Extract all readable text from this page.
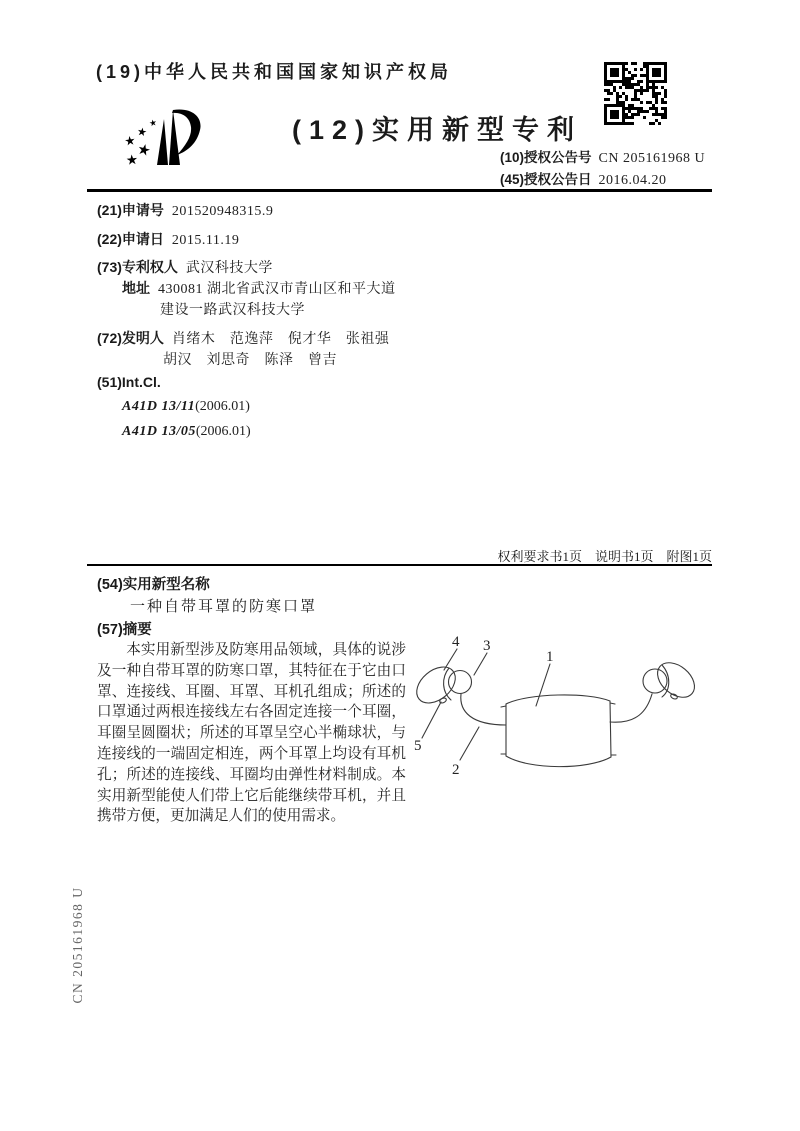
(19)中华人民共和国国家知识产权局
(12)实用新型专利
(10)授权公告号 CN 205161968 U
(45)授权公告日 2016.04.20
(21)申请号 201520948315.9
(22)申请日 2015.11.19
(73)专利权人 武汉科技大学
地址 430081 湖北省武汉市青山区和平大道
建设一路武汉科技大学
(72)发明人 肖绪木　范逸萍　倪才华　张祖强
胡汉　刘思奇　陈泽　曾吉
(51)Int.Cl.
A41D 13/11(2006.01)
A41D 13/05(2006.01)
权利要求书1页　说明书1页　附图1页
(54)实用新型名称
一种自带耳罩的防寒口罩
(57)摘要
本实用新型涉及防寒用品领域，具体的说涉及一种自带耳罩的防寒口罩，其特征在于它由口罩、连接线、耳圈、耳罩、耳机孔组成；所述的口罩通过两根连接线左右各固定连接一个耳圈，耳圈呈圆圈状；所述的耳罩呈空心半椭球状，与连接线的一端固定相连，两个耳罩上均设有耳机孔；所述的连接线、耳圈均由弹性材料制成。本实用新型能使人们带上它后能继续带耳机，并且携带方便，更加满足人们的使用需求。
4 3
1
5
2
CN 205161968 U
